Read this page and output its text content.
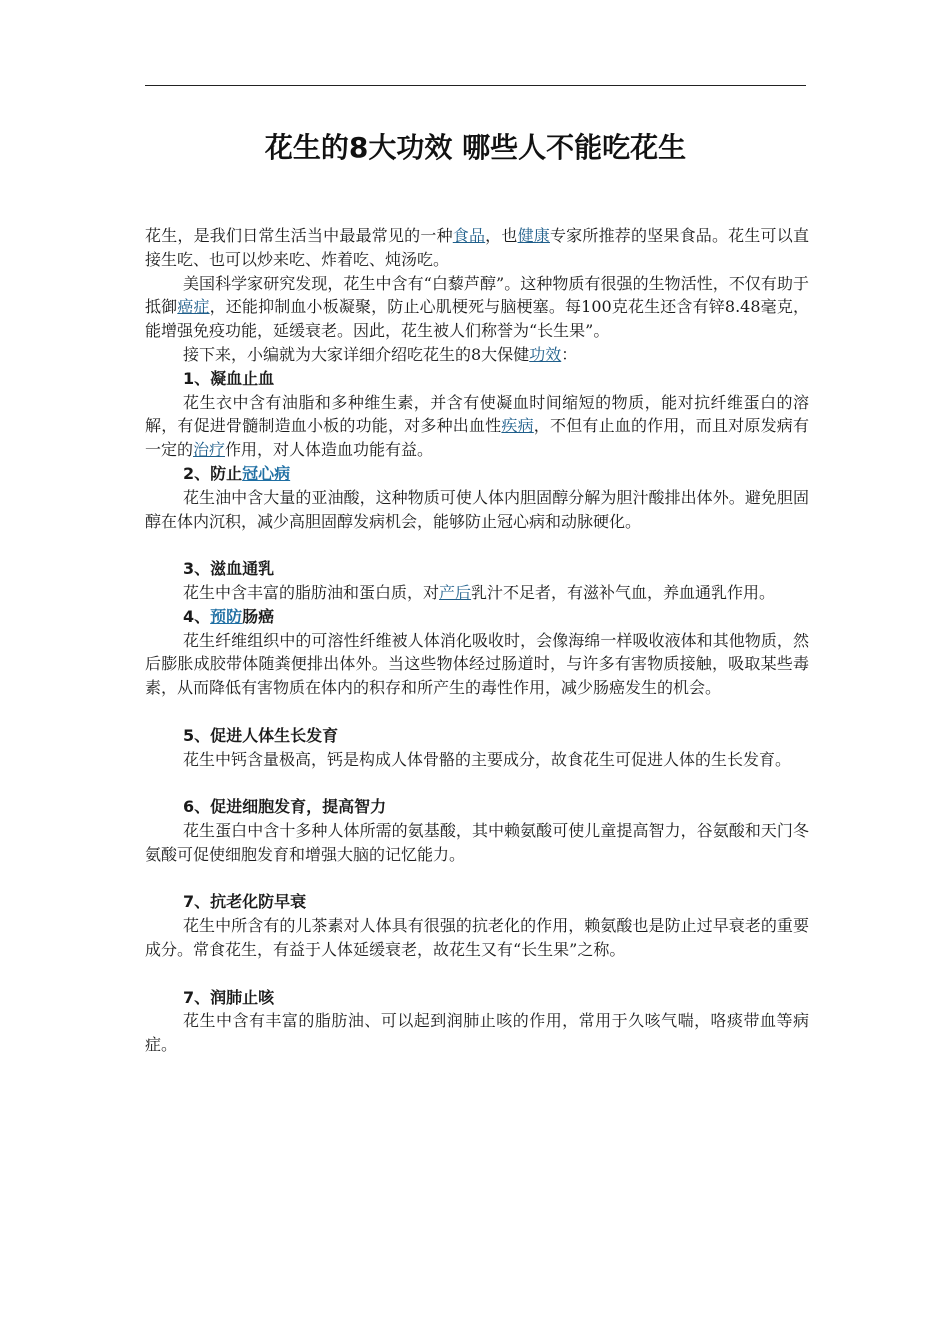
花生的8大功效 哪些人不能吃花生

花生，是我们日常生活当中最最常见的一种食品，也健康专家所推荐的坚果食品。花生可以直接生吃、也可以炒来吃、炸着吃、炖汤吃。

美国科学家研究发现，花生中含有“白藜芦醇”。这种物质有很强的生物活性，不仅有助于抵御癌症，还能抑制血小板凝聚，防止心肌梗死与脑梗塞。每100克花生还含有锌8.48毫克，能增强免疫功能，延缓衰老。因此，花生被人们称誉为“长生果”。

接下来，小编就为大家详细介绍吃花生的8大保健功效：

1、凝血止血

花生衣中含有油脂和多种维生素，并含有使凝血时间缩短的物质，能对抗纤维蛋白的溶解，有促进骨髓制造血小板的功能，对多种出血性疾病，不但有止血的作用，而且对原发病有一定的治疗作用，对人体造血功能有益。

2、防止冠心病

花生油中含大量的亚油酸，这种物质可使人体内胆固醇分解为胆汁酸排出体外。避免胆固醇在体内沉积，减少高胆固醇发病机会，能够防止冠心病和动脉硬化。

3、滋血通乳

花生中含丰富的脂肪油和蛋白质，对产后乳汁不足者，有滋补气血，养血通乳作用。

4、预防肠癌

花生纤维组织中的可溶性纤维被人体消化吸收时，会像海绵一样吸收液体和其他物质，然后膨胀成胶带体随粪便排出体外。当这些物体经过肠道时，与许多有害物质接触，吸取某些毒素，从而降低有害物质在体内的积存和所产生的毒性作用，减少肠癌发生的机会。

5、促进人体生长发育

花生中钙含量极高，钙是构成人体骨骼的主要成分，故食花生可促进人体的生长发育。

6、促进细胞发育，提高智力

花生蛋白中含十多种人体所需的氨基酸，其中赖氨酸可使儿童提高智力，谷氨酸和天门冬氨酸可促使细胞发育和增强大脑的记忆能力。

7、抗老化防早衰

花生中所含有的儿茶素对人体具有很强的抗老化的作用，赖氨酸也是防止过早衰老的重要成分。常食花生，有益于人体延缓衰老，故花生又有“长生果”之称。

7、润肺止咳

花生中含有丰富的脂肪油、可以起到润肺止咳的作用，常用于久咳气喘，咯痰带血等病症。
